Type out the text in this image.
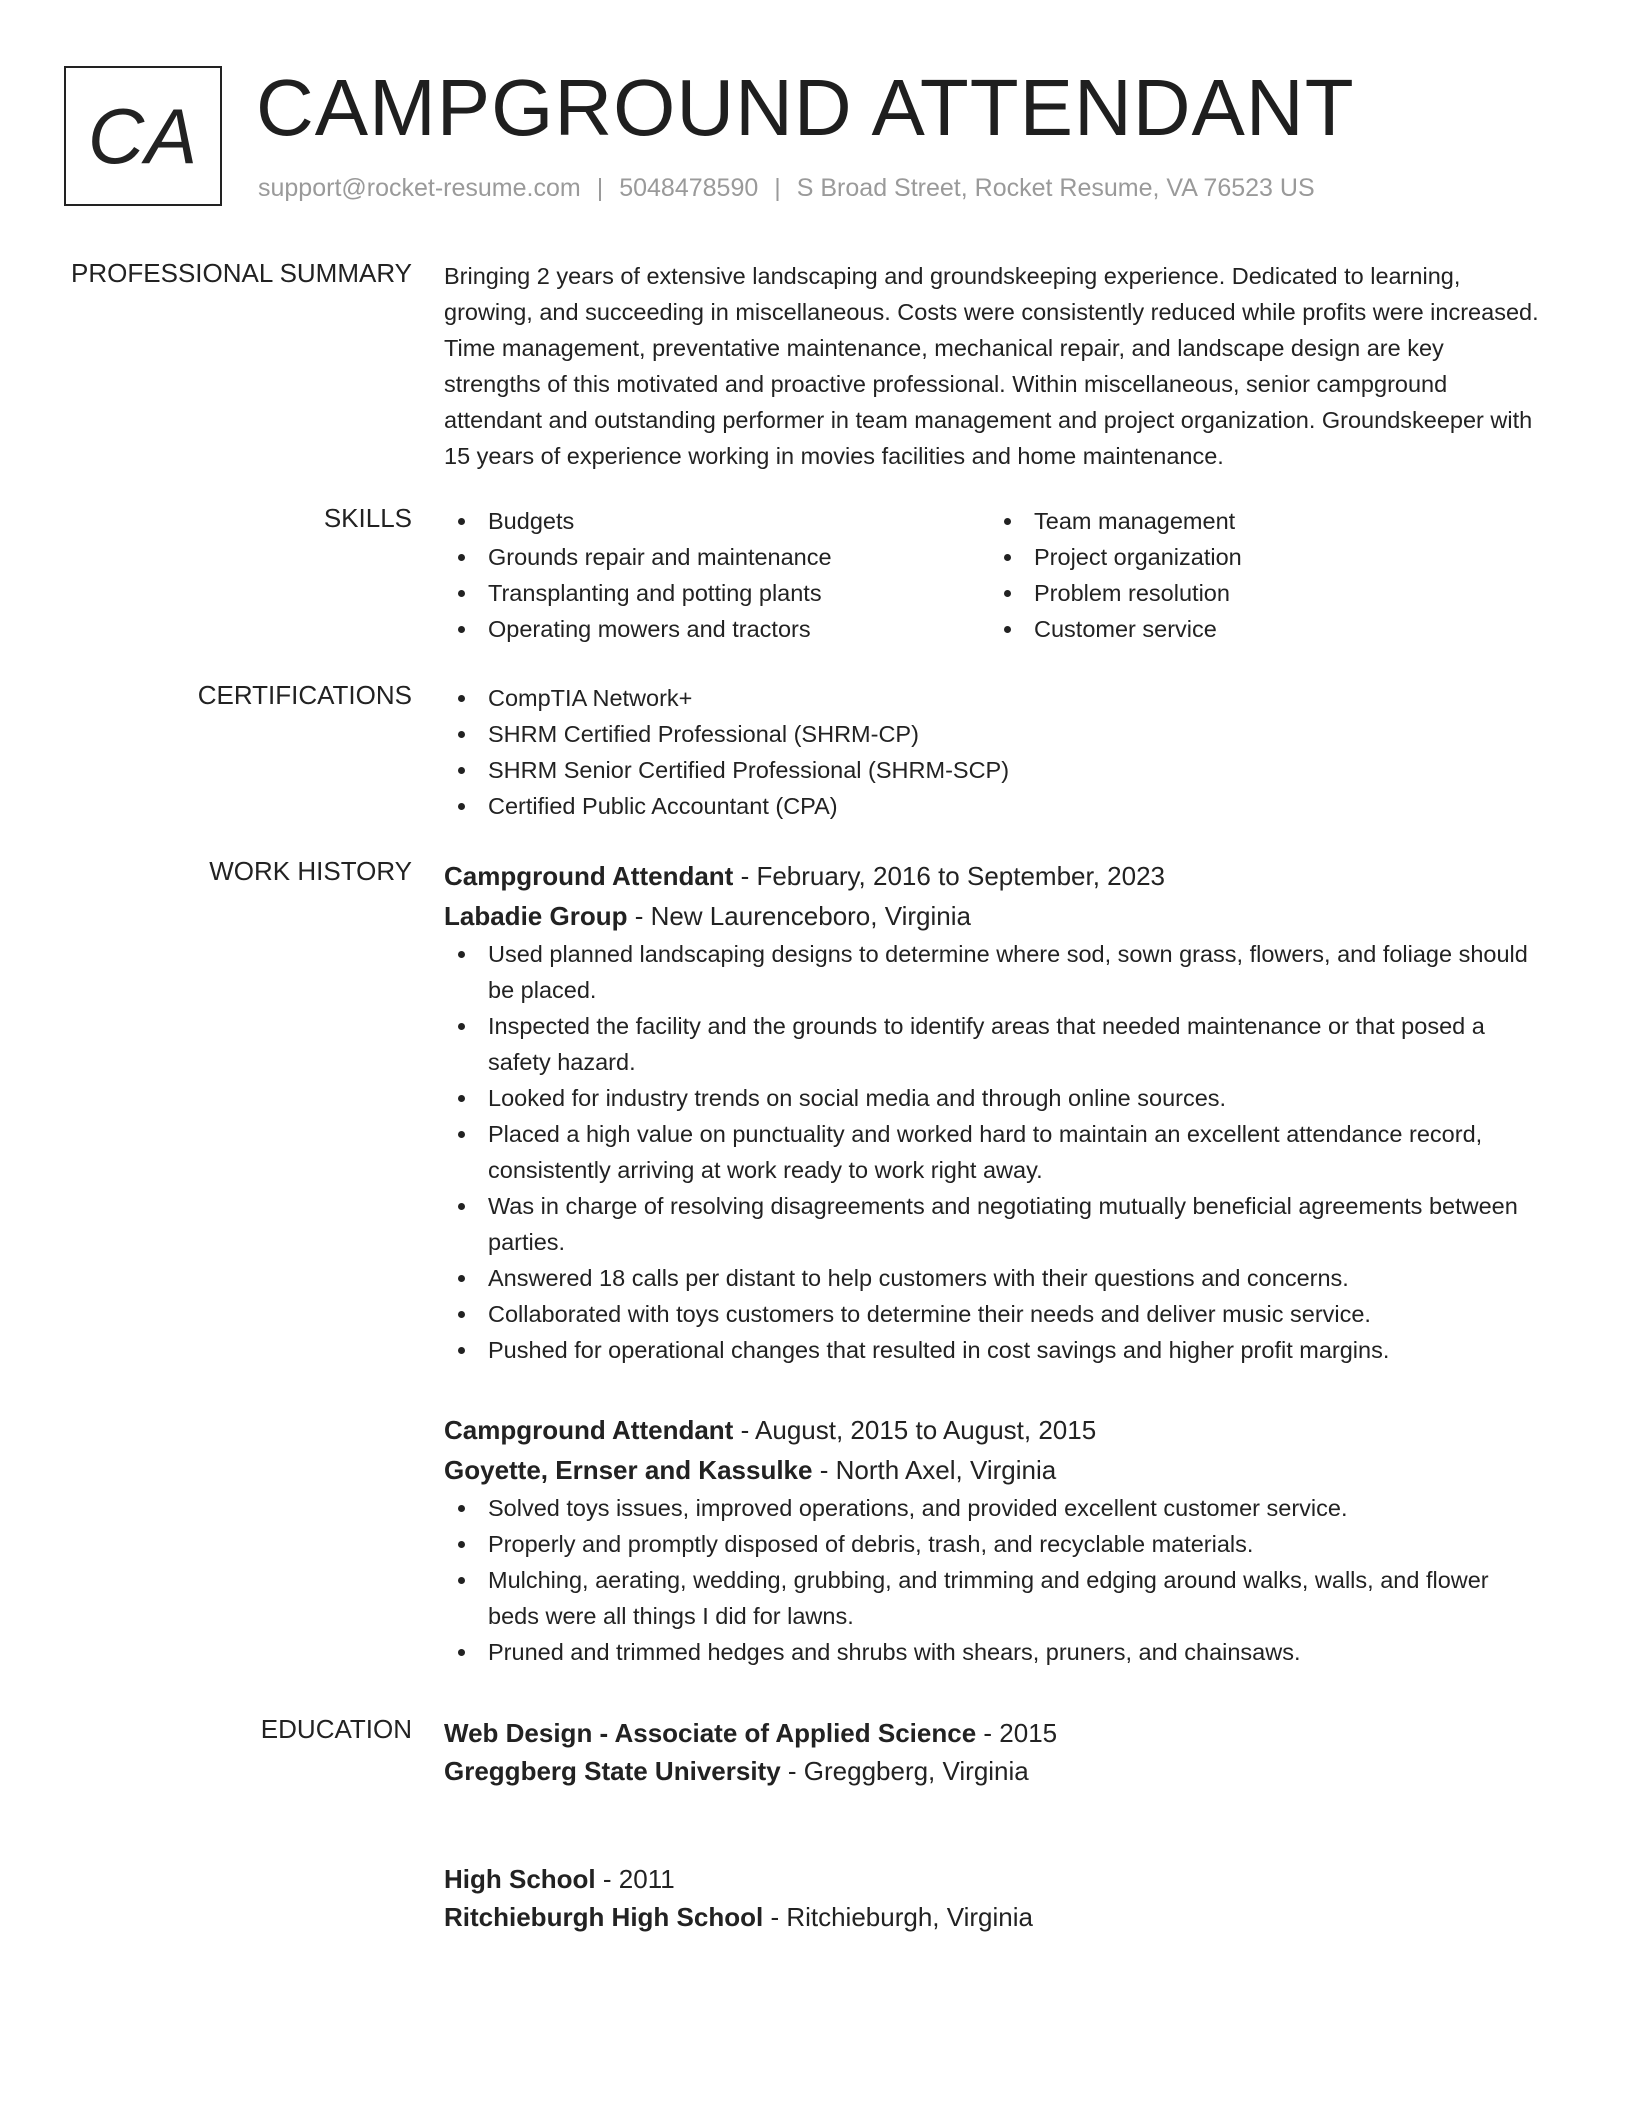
CA CAMPGROUND ATTENDANT
support@rocket-resume.com | 5048478590 | S Broad Street, Rocket Resume, VA 76523 US
PROFESSIONAL SUMMARY Bringing 2 years of extensive landscaping and groundskeeping experience. Dedicated to learning, growing, and succeeding in miscellaneous. Costs were consistently reduced while profits were increased. Time management, preventative maintenance, mechanical repair, and landscape design are key strengths of this motivated and proactive professional. Within miscellaneous, senior campground attendant and outstanding performer in team management and project organization. Groundskeeper with 15 years of experience working in movies facilities and home maintenance.

SKILLS	Budgets
Grounds repair and maintenance
Transplanting and potting plants
Operating mowers and tractors
Team management
Project organization
Problem resolution
Customer service
CERTIFICATIONS	CompTIA Network+
SHRM Certified Professional (SHRM-CP)
SHRM Senior Certified Professional (SHRM-SCP)
Certified Public Accountant (CPA)
WORK HISTORY Campground Attendant - February, 2016 to September, 2023
Labadie Group - New Laurenceboro, Virginia
Used planned landscaping designs to determine where sod, sown grass, flowers, and foliage should be placed.
Inspected the facility and the grounds to identify areas that needed maintenance or that posed a safety hazard.
Looked for industry trends on social media and through online sources.
Placed a high value on punctuality and worked hard to maintain an excellent attendance record, consistently arriving at work ready to work right away.
Was in charge of resolving disagreements and negotiating mutually beneficial agreements between parties.
Answered 18 calls per distant to help customers with their questions and concerns.
Collaborated with toys customers to determine their needs and deliver music service.
Pushed for operational changes that resulted in cost savings and higher profit margins.
Campground Attendant - August, 2015 to August, 2015
Goyette, Ernser and Kassulke - North Axel, Virginia
Solved toys issues, improved operations, and provided excellent customer service.
Properly and promptly disposed of debris, trash, and recyclable materials.
Mulching, aerating, wedding, grubbing, and trimming and edging around walks, walls, and flower beds were all things I did for lawns.
Pruned and trimmed hedges and shrubs with shears, pruners, and chainsaws.
EDUCATION Web Design - Associate of Applied Science - 2015
Greggberg State University - Greggberg, Virginia
High School - 2011
Ritchieburgh High School - Ritchieburgh, Virginia
